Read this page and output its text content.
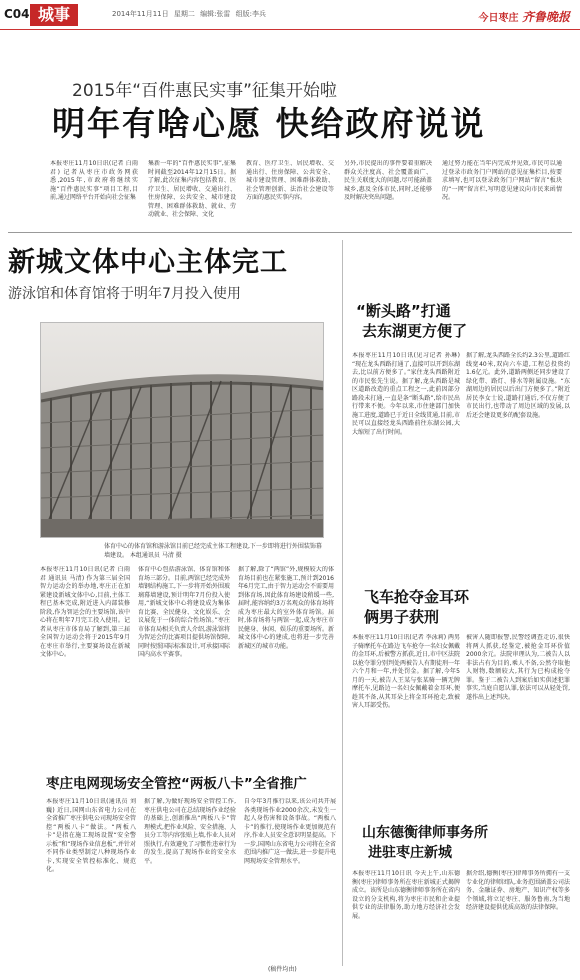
C04 城事	2014年11月11日 星期二 编辑:张雷 组版:李兵	今日枣庄 齐鲁晚报
2015年“百件惠民实事”征集开始啦
明年有啥心愿 快给政府说说
本报枣庄11月10日讯(记者 白雨君) 记者从枣庄市政务网获悉,2015年,市政府将继续实施“百件惠民实事”项目工程,目前,通过网络平台开始向社会征集
集新一年的“百件惠民实事”,征集时间截至2014年12月15日。据了解,此次征集内容包括教育、医疗卫生、居民增收、交通出行、住房保障、公共安全、城市建设管理、困难群体救助、就业、劳动就业、社会保障、文化
教育、医疗卫生、居民增收、交通出行、住房保障、公共安全、城市建设管理、困难群体救助、社会管理创新、法治社会建设等方面的惠民实事内容。
另外,市民提出的事件要着重解决群众关注度高、社会覆盖面广、民生关联度大的问题,尽可能涵盖城乡,惠及全体市民,同时,还能够及时解决突出问题。
通过努力能在当年内完成并见效,市民可以通过登录市政务门户网站的意见征集栏目,按要求填写,也可以登录政务门户网站“留言”板块的“一网”留言栏,写明意见建议向市民来函情况。
新城文体中心主体完工
游泳馆和体育馆将于明年7月投入使用
体育中心的体育馆和游泳馆目前已经完成主体工程建设,下一步即将进行外围装饰幕墙建设。 本组通讯员 马清 摄
本报枣庄11月10日讯(记者 白雨君 通讯员 马清) 作为第三届全国智力运动会的举办地,枣庄正在加紧建设新城文体中心,目前,主体工程已基本完成,附近进入内部装修阶段,作为智运会的主要场馆,该中心将在明年7月完工投入使用。记者从枣庄市体育局了解到,第三届全国智力运动会将于2015年9月在枣庄市举行,主要赛场设在新城文体中心。
体育中心包括游泳馆、体育馆和体育场三部分。目前,两馆已经完成外墙钢结构施工,下一步将开始外围玻璃幕墙建设,预计明年7月份投入使用,“新城文体中心将建设成为集体育比赛、全民健身、文化娱乐、会议展览于一体的综合性场馆。”枣庄市体育局相关负责人介绍,游泳馆将为智运会的比赛项目提供场馆保障,同时按照国际标准设计,可承接国际国内高水平赛事。
据了解,除了“两馆”外,规模较大的体育场目前也在紧张施工,预计到2016年6月完工,由于智力运动会不需要用到体育场,因此体育场建设稍缓一些,届时,能容纳约3万名观众的体育场将成为枣庄最大的室外体育场馆。届时,体育场将与两馆一起,成为枣庄市民健身、休闲、娱乐的重要场所。新城文体中心的建成,也将进一步完善新城区的城市功能。
“断头路”打通
去东湖更方便了
本报枣庄11月10日讯(见习记者 孙琳) “现在龙头西路打通了,直接可以开到东湖去,比以前方便多了。”家住龙头西路附近的市民张先生说。据了解,龙头西路是城区道路改造的重点工程之一,此前因部分路段未打通,一直是条“断头路”,给市民出行带来不便。今年以来,市住建部门加快施工进度,道路已于近日全线贯通,目前,市民可以直接经龙头西路前往东湖公园,大大缩短了出行时间。
据了解,龙头西路全长约2.3公里,道路红线宽40米,双向六车道,工程总投资约1.6亿元。此外,道路两侧还同步建设了绿化带、路灯、排水等附属设施。“东湖周边的居民以后出门方便多了。”附近居民李女士说,道路打通后,不仅方便了市民出行,也带动了周边区域的发展,以后还会建设更多的配套设施。
飞车抢夺金耳环
俩男子获刑
本报枣庄11月10日讯(记者 李泳莉) 两男子骑摩托车在路边飞车抢夺一名妇女佩戴的金耳环,后被警方抓获,近日,市中区法院以抢夺罪分别判处两被告人有期徒刑一年六个月和一年,并处罚金。据了解,今年5月的一天,被告人王某与张某骑一辆无牌摩托车,见路边一名妇女佩戴着金耳环,便趁其不备,从其耳朵上将金耳环抢走,致被害人耳部受伤。
被害人随即报警,民警经调查走访,很快将两人抓获,经鉴定,被抢金耳环价值2000余元。法院审理认为,二被告人以非法占有为目的,乘人不备,公然夺取他人财物,数额较大,其行为已构成抢夺罪。鉴于二被告人到案后如实供述犯罪事实,当庭自愿认罪,依法可以从轻处罚,遂作出上述判决。
枣庄电网现场安全管控“两板八卡”全省推广
本报枣庄11月10日讯(通讯员 刘巍) 近日,国网山东省电力公司在全省推广枣庄供电公司现场安全管控“两板八卡”做法。“两板八卡”是指在施工现场设置“安全警示板”和“现场作业信息板”,并针对不同作业类型制定八种现场作业卡,实现安全管控标准化、规范化。
据了解,为做好现场安全管控工作,枣庄供电公司在总结现场作业经验的基础上,创新推出“两板八卡”管理模式,把作业风险、安全措施、人员分工等内容张贴上墙,作业人员对照执行,有效避免了习惯性违章行为的发生,提高了现场作业的安全水平。
自今年3月推行以来,该公司共开展各类现场作业2000余次,未发生一起人身伤害和设备事故。“两板八卡”的推行,使现场作业更加规范有序,作业人员安全意识明显提高。下一步,国网山东省电力公司将在全省范围内推广这一做法,进一步提升电网现场安全管理水平。
(稿件均由)
山东德衡律师事务所
进驻枣庄新城
本报枣庄11月10日讯 今天上午,山东德衡(枣庄)律师事务所在枣庄新城正式揭牌成立。该所是山东德衡律师事务所在省内设立的分支机构,将为枣庄市民和企业提供专业的法律服务,助力地方经济社会发展。
据介绍,德衡(枣庄)律师事务所拥有一支专业化的律师团队,业务范围涵盖公司法务、金融证券、房地产、知识产权等多个领域,将立足枣庄、服务鲁南,为当地经济建设提供优质高效的法律保障。
